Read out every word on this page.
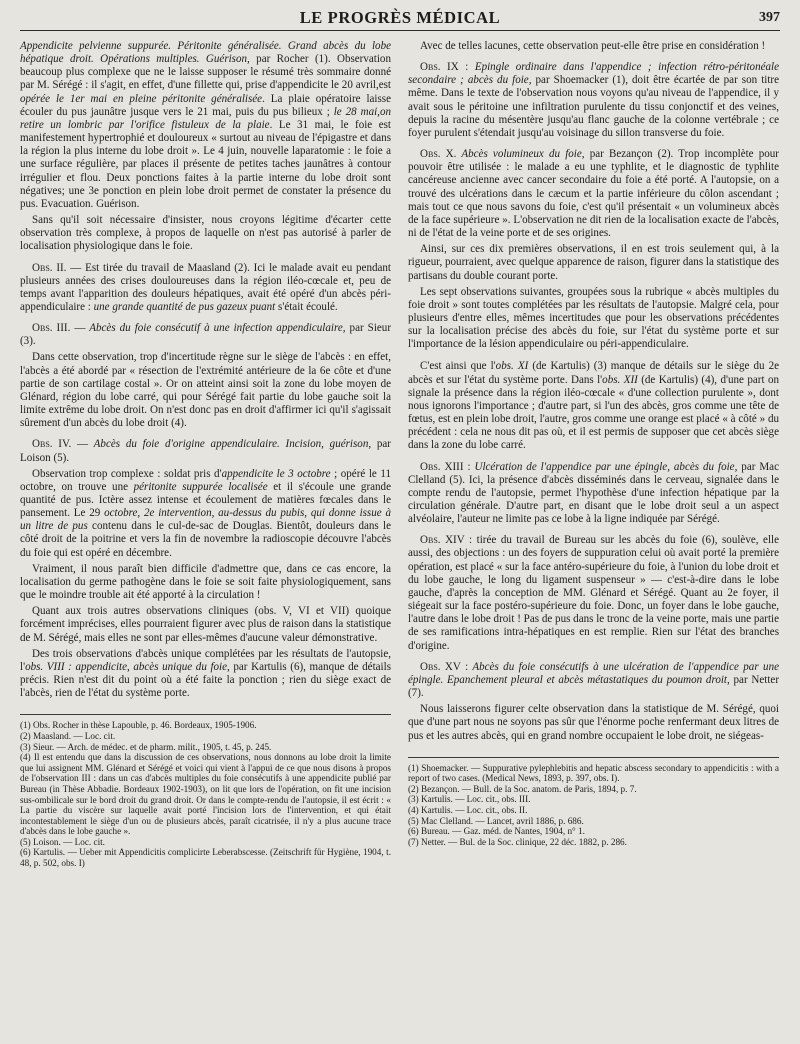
LE PROGRÈS MÉDICAL	397

Appendicite pelvienne suppurée. Péritonite généralisée. Grand abcès du lobe hépatique droit. Opérations multiples. Guérison, par Rocher (1). Observation beaucoup plus complexe que ne le laisse supposer le résumé très sommaire donné par M. Sérégé : il s'agit, en effet, d'une fillette qui, prise d'appendicite le 20 avril,est opérée le 1er mai en pleine péritonite généralisée. La plaie opératoire laisse écouler du pus jaunâtre jusque vers le 21 mai, puis du pus bilieux ; le 28 mai,on retire un lombric par l'orifice fistuleux de la plaie. Le 31 mai, le foie est manifestement hypertrophié et douloureux « surtout au niveau de l'épigastre et dans la région la plus interne du lobe droit ». Le 4 juin, nouvelle laparatomie : le foie a une surface régulière, par places il présente de petites taches jaunâtres à contour irrégulier et flou. Deux ponctions faites à la partie interne du lobe droit sont négatives; une 3e ponction en plein lobe droit permet de constater la présence du pus. Evacuation. Guérison.

Sans qu'il soit nécessaire d'insister, nous croyons légitime d'écarter cette observation très complexe, à propos de laquelle on n'est pas autorisé à parler de localisation physiologique dans le foie.

Obs. II. — Est tirée du travail de Maasland (2). Ici le malade avait eu pendant plusieurs années des crises douloureuses dans la région iléo-cœcale et, peu de temps avant l'apparition des douleurs hépatiques, avait été opéré d'un abcès péri-appendiculaire : une grande quantité de pus gazeux puant s'était écoulé.

Obs. III. — Abcès du foie consécutif à une infection appendiculaire, par Sieur (3).

Dans cette observation, trop d'incertitude règne sur le siège de l'abcès : en effet, l'abcès a été abordé par « résection de l'extrémité antérieure de la 6e côte et d'une partie de son cartilage costal ». Or on atteint ainsi soit la zone du lobe moyen de Glénard, région du lobe carré, qui pour Sérégé fait partie du lobe gauche soit la limite extrême du lobe droit. On n'est donc pas en droit d'affirmer ici qu'il s'agissait sûrement d'un abcès du lobe droit (4).

Obs. IV. — Abcès du foie d'origine appendiculaire. Incision, guérison, par Loison (5).

Observation trop complexe : soldat pris d'appendicite le 3 octobre ; opéré le 11 octobre, on trouve une péritonite suppurée localisée et il s'écoule une grande quantité de pus. Ictère assez intense et écoulement de matières fœcales dans le pansement. Le 29 octobre, 2e intervention, au-dessus du pubis, qui donne issue à un litre de pus contenu dans le cul-de-sac de Douglas. Bientôt, douleurs dans le côté droit de la poitrine et vers la fin de novembre la radioscopie découvre l'abcès du foie qui est opéré en décembre.

Vraiment, il nous paraît bien difficile d'admettre que, dans ce cas encore, la localisation du germe pathogène dans le foie se soit faite physiologiquement, sans que le moindre trouble ait été apporté à la circulation !

Quant aux trois autres observations cliniques (obs. V, VI et VII) quoique forcément imprécises, elles pourraient figurer avec plus de raison dans la statistique de M. Sérégé, mais elles ne sont par elles-mêmes d'aucune valeur démonstrative.

Des trois observations d'abcès unique complétées par les résultats de l'autopsie, l'obs. VIII : appendicite, abcès unique du foie, par Kartulis (6), manque de détails précis. Rien n'est dit du point où a été faite la ponction ; rien du siège exact de l'abcès, rien de l'état du système porte.

(1) Obs. Rocher in thèse Lapouble, p. 46. Bordeaux, 1905-1906.

(2) Maasland. — Loc. cit.

(3) Sieur. — Arch. de médec. et de pharm. milit., 1905, t. 45, p. 245.

(4) Il est entendu que dans la discussion de ces observations, nous donnons au lobe droit la limite que lui assignent MM. Glénard et Sérégé et voici qui vient à l'appui de ce que nous disons à propos de l'observation III : dans un cas d'abcès multiples du foie consécutifs à une appendicite publié par Bureau (in Thèse Abbadie. Bordeaux 1902-1903), on lit que lors de l'opération, on fit une incision sus-ombilicale sur le bord droit du grand droit. Or dans le compte-rendu de l'autopsie, il est écrit : « La partie du viscère sur laquelle avait porté l'incision lors de l'intervention, et qui était incontestablement le siège d'un ou de plusieurs abcès, paraît cicatrisée, il n'y a plus aucune trace d'abcès dans le lobe gauche ».

(5) Loison. — Loc. cit.

(6) Kartulis. — Ueber mit Appendicitis complicirte Leberabscesse. (Zeitschrift für Hygiène, 1904, t. 48, p. 502, obs. I)

Avec de telles lacunes, cette observation peut-elle être prise en considération !

Obs. IX : Epingle ordinaire dans l'appendice ; infection rétro-péritonéale secondaire ; abcès du foie, par Shoemacker (1), doit être écartée de par son titre même. Dans le texte de l'observation nous voyons qu'au niveau de l'appendice, il y avait sous le péritoine une infiltration purulente du tissu conjonctif et des veines, depuis la racine du mésentère jusqu'au flanc gauche de la colonne vertébrale ; ce foyer purulent s'étendait jusqu'au voisinage du sillon transverse du foie.

Obs. X. Abcès volumineux du foie, par Bezançon (2). Trop incomplète pour pouvoir être utilisée : le malade a eu une typhlite, et le diagnostic de typhlite cancéreuse ancienne avec cancer secondaire du foie a été porté. A l'autopsie, on a trouvé des ulcérations dans le cæcum et la partie inférieure du côlon ascendant ; mais tout ce que nous savons du foie, c'est qu'il présentait « un volumineux abcès de la face supérieure ». L'observation ne dit rien de la localisation exacte de l'abcès, ni de l'état de la veine porte et de ses origines.

Ainsi, sur ces dix premières observations, il en est trois seulement qui, à la rigueur, pourraient, avec quelque apparence de raison, figurer dans la statistique des partisans du double courant porte.

Les sept observations suivantes, groupées sous la rubrique « abcès multiples du foie droit » sont toutes complétées par les résultats de l'autopsie. Malgré cela, pour plusieurs d'entre elles, mêmes incertitudes que pour les observations précédentes sur la localisation précise des abcès du foie, sur l'état du système porte et sur l'importance de la lésion appendiculaire ou péri-appendiculaire.

C'est ainsi que l'obs. XI (de Kartulis) (3) manque de détails sur le siège du 2e abcès et sur l'état du système porte. Dans l'obs. XII (de Kartulis) (4), d'une part on signale la présence dans la région iléo-cœcale « d'une collection purulente », dont nous ignorons l'importance ; d'autre part, si l'un des abcès, gros comme une tête de fœtus, est en plein lobe droit, l'autre, gros comme une orange est placé « à côté » du précédent : cela ne nous dit pas où, et il est permis de supposer que cet abcès siège dans la zone du lobe carré.

Obs. XIII : Ulcération de l'appendice par une épingle, abcès du foie, par Mac Clelland (5). Ici, la présence d'abcès disséminés dans le cerveau, signalée dans le compte rendu de l'autopsie, permet l'hypothèse d'une infection hépatique par la circulation générale. D'autre part, en disant que le lobe droit seul a un aspect alvéolaire, l'auteur ne limite pas ce lobe à la ligne indiquée par Sérégé.

Obs. XIV : tirée du travail de Bureau sur les abcès du foie (6), soulève, elle aussi, des objections : un des foyers de suppuration celui où avait porté la première opération, est placé « sur la face antéro-supérieure du foie, à l'union du lobe droit et du lobe gauche, le long du ligament suspenseur » — c'est-à-dire dans le lobe gauche, d'après la conception de MM. Glénard et Sérégé. Quant au 2e foyer, il siégeait sur la face postéro-supérieure du foie. Donc, un foyer dans le lobe gauche, l'autre dans le lobe droit ! Pas de pus dans le tronc de la veine porte, mais une partie de ses ramifications intra-hépatiques en est remplie. Rien sur l'état des branches d'origine.

Obs. XV : Abcès du foie consécutifs à une ulcération de l'appendice par une épingle. Epanchement pleural et abcès métastatiques du poumon droit, par Netter (7).

Nous laisserons figurer celte observation dans la statistique de M. Sérégé, quoi que d'une part nous ne soyons pas sûr que l'énorme poche renfermant deux litres de pus et les autres abcès, qui en grand nombre occupaient le lobe droit, ne siégeas-

(1) Shoemacker. — Suppurative pylephlebitis and hepatic abscess secondary to appendicitis : with a report of two cases. (Medical News, 1893, p. 397, obs. I).

(2) Bezançon. — Bull. de la Soc. anatom. de Paris, 1894, p. 7.

(3) Kartulis. — Loc. cit., obs. III.

(4) Kartulis. — Loc. cit., obs. II.

(5) Mac Clelland. — Lancet, avril 1886, p. 686.

(6) Bureau. — Gaz. méd. de Nantes, 1904, n° 1.

(7) Netter. — Bul. de la Soc. clinique, 22 déc. 1882, p. 286.
